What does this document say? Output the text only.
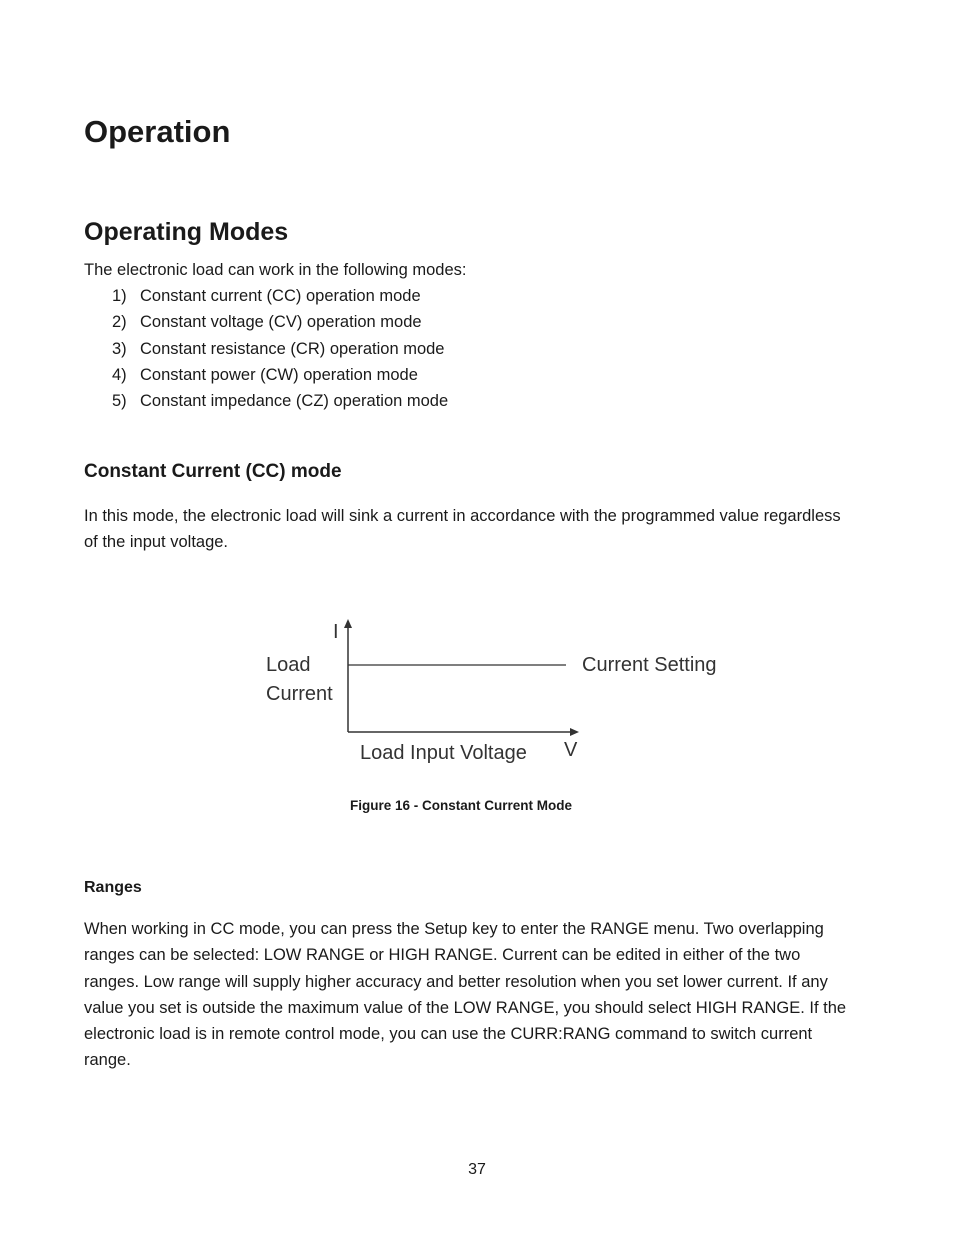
Operation
Operating Modes
The electronic load can work in the following modes:
1) Constant current (CC) operation mode
2) Constant voltage (CV) operation mode
3) Constant resistance (CR) operation mode
4) Constant power (CW) operation mode
5) Constant impedance (CZ) operation mode
Constant Current (CC) mode
In this mode, the electronic load will sink a current in accordance with the programmed value regardless of the input voltage.
I
Load
Current
Current Setting
Load Input Voltage V
Figure 16 - Constant Current Mode
Ranges
When working in CC mode, you can press the Setup key to enter the RANGE menu. Two overlapping ranges can be selected: LOW RANGE or HIGH RANGE. Current can be edited in either of the two ranges. Low range will supply higher accuracy and better resolution when you set lower current. If any value you set is outside the maximum value of the LOW RANGE, you should select HIGH RANGE. If the electronic load is in remote control mode, you can use the CURR:RANG command to switch current range.
37
